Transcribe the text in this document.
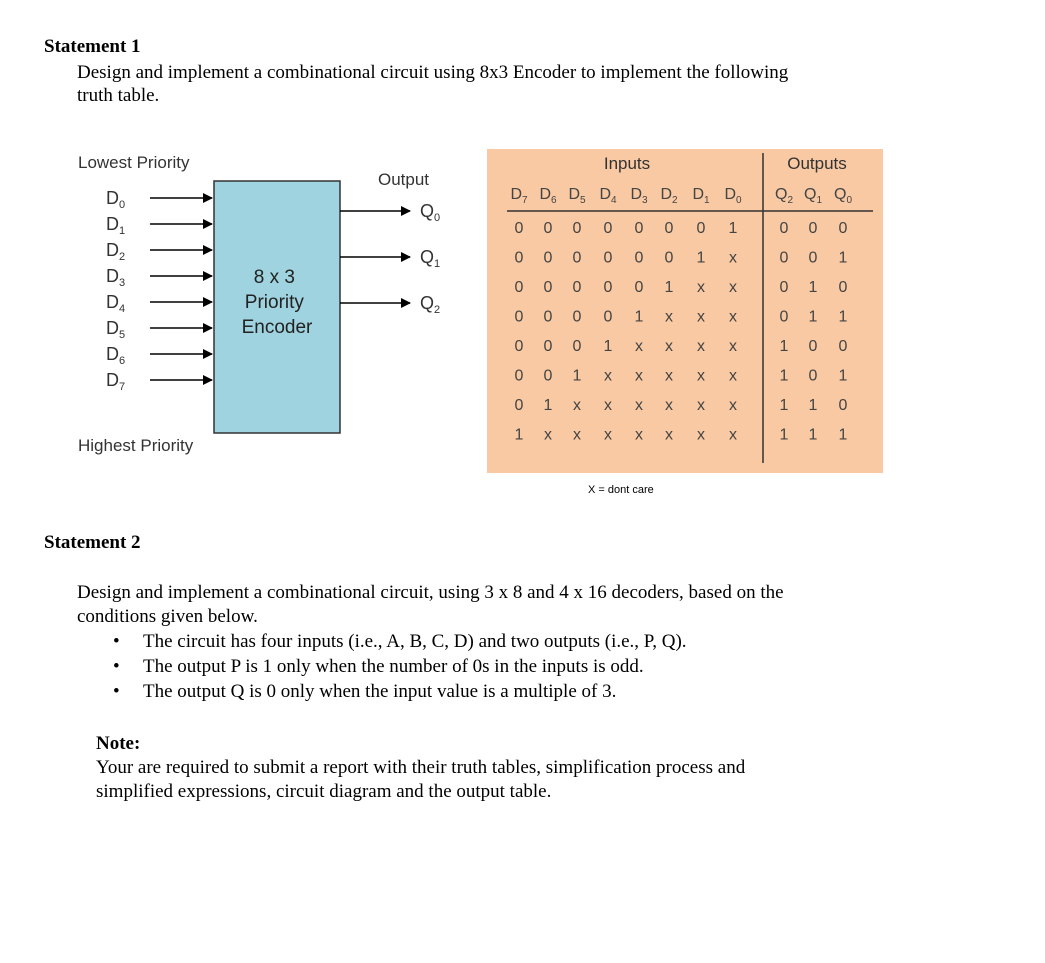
Statement 1
Design and implement a combinational circuit using 8x3 Encoder to implement the following
truth table.
Lowest Priority
$D_0$
$D_1$
$D_2$
$D_3$
$D_4$
$D_5$
$D_6$
$D_7$
8 x 3 Priority Encoder
Output
$Q_0$
$Q_1$
$Q_2$
Highest Priority
Inputs	Outputs
$D_7$ $D_6$ $D_5$ $D_4$ $D_3$ $D_2$ $D_1$ $D_0$ $Q_2$ $Q_1$ $Q_0$
0 0 0 0 0 0 0 1	0 0 0
0 0 0 0 0 0 1 x	0 0 1
0 0 0 0 0 1 x x	0 1 0
0 0 0 0 1 x x x	0 1 1
0 0 0 1 x x x x	1 0 0
0 0 1 x x x x x	1 0 1
0 1 x x x x x x	1 1 0
1 x x x x x x x	1 1 1
X = dont care
Statement 2
Design and implement a combinational circuit, using 3 x 8 and 4 x 16 decoders, based on the
conditions given below.
• The circuit has four inputs (i.e., A, B, C, D) and two outputs (i.e., P, Q).
• The output P is 1 only when the number of 0s in the inputs is odd.
• The output Q is 0 only when the input value is a multiple of 3.
Note:
Your are required to submit a report with their truth tables, simplification process and
simplified expressions, circuit diagram and the output table.
